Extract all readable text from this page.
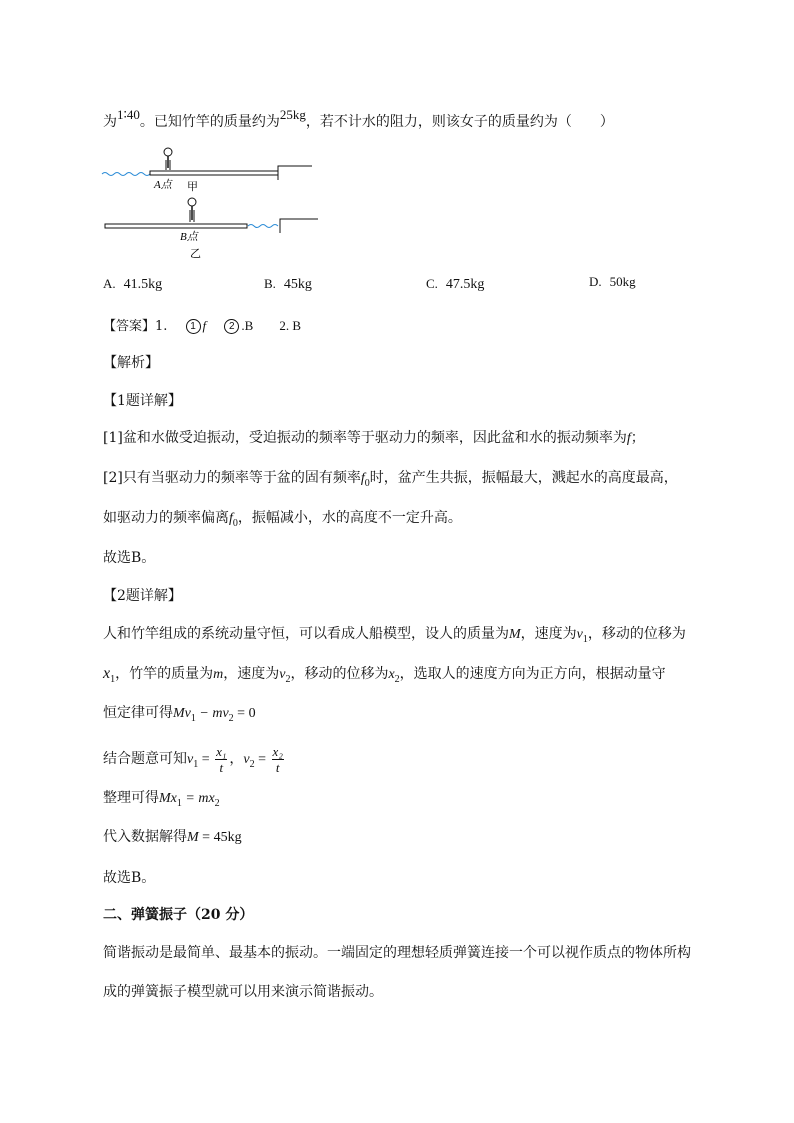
为1∶40。已知竹竿的质量约为25kg，若不计水的阻力，则该女子的质量约为（　　）
A点 甲
B点
乙
A. 41.5kg	B. 45kg	C. 47.5kg	D. 50kg
【答案】1. 1 f 2 .B 2. B
【解析】
【1题详解】
[1]盆和水做受迫振动，受迫振动的频率等于驱动力的频率，因此盆和水的振动频率为f；
[2]只有当驱动力的频率等于盆的固有频率$f_0$时，盆产生共振，振幅最大，溅起水的高度最高，
如驱动力的频率偏离$f_0$，振幅减小，水的高度不一定升高。
故选B。
【2题详解】
人和竹竿组成的系统动量守恒，可以看成人船模型，设人的质量为M，速度为$v_1$，移动的位移为
$x_1$，竹竿的质量为m，速度为$v_2$，移动的位移为$x_2$，选取人的速度方向为正方向，根据动量守
恒定律可得$Mv_1 - mv_2 = 0$
结合题意可知$v_1 = \frac{\text{x₁}}{t}$ ，$v_2 = \frac{\text{x₂}}{t}$
整理可得$Mx_1 = mx_2$
代入数据解得M = 45kg
故选B。
二、弹簧振子（20 分）
简谐振动是最简单、最基本的振动。一端固定的理想轻质弹簧连接一个可以视作质点的物体所构
成的弹簧振子模型就可以用来演示简谐振动。
